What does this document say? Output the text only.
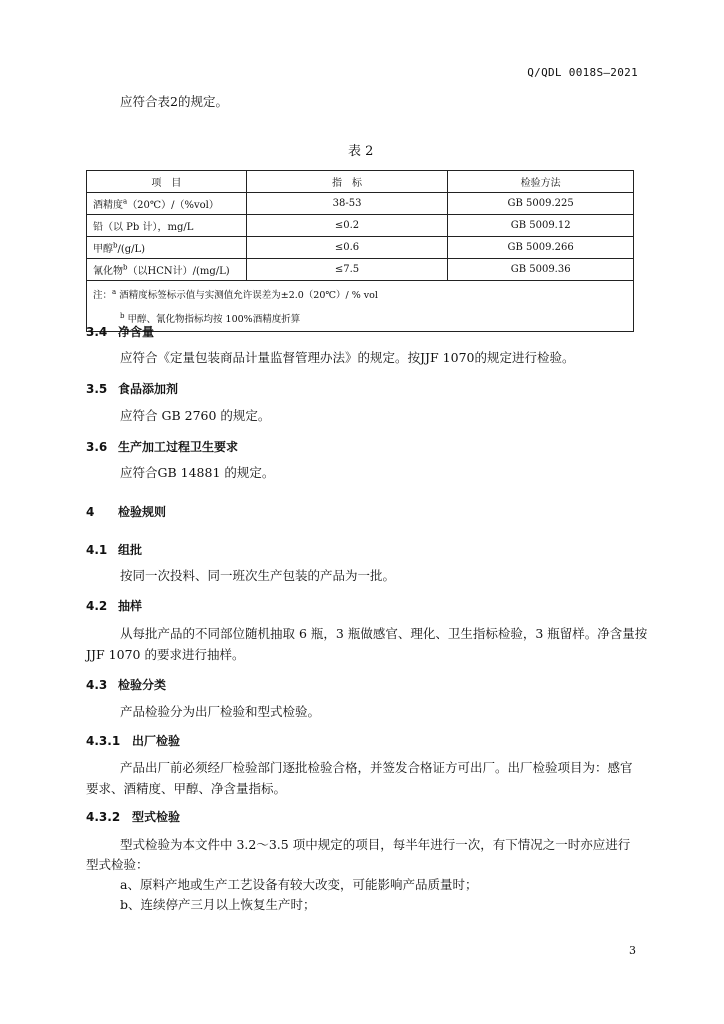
Q/QDL 0018S—2021
应符合表2的规定。
表 2
项　目	指　标	检验方法
酒精度$^a$（20℃）/（%vol）	38-53	GB 5009.225
铅（以 Pb 计），mg/L	≤0.2	GB 5009.12
甲醇$^b$/(g/L)	≤0.6	GB 5009.266
氰化物$^b$（以HCN计）/(mg/L)	≤7.5	GB 5009.36

注：$^a$ 酒精度标签标示值与实测值允许误差为±2.0（20℃）/ % vol
$^b$ 甲醇、氰化物指标均按 100%酒精度折算		
3.4 净含量
应符合《定量包装商品计量监督管理办法》的规定。按JJF 1070的规定进行检验。
3.5 食品添加剂
应符合 GB 2760 的规定。
3.6 生产加工过程卫生要求
应符合GB 14881 的规定。
4 检验规则
4.1 组批
按同一次投料、同一班次生产包装的产品为一批。
4.2 抽样
从每批产品的不同部位随机抽取 6 瓶，3 瓶做感官、理化、卫生指标检验，3 瓶留样。净含量按
JJF 1070 的要求进行抽样。
4.3 检验分类
产品检验分为出厂检验和型式检验。
4.3.1 出厂检验
产品出厂前必须经厂检验部门逐批检验合格，并签发合格证方可出厂。出厂检验项目为：感官
要求、酒精度、甲醇、净含量指标。
4.3.2 型式检验
型式检验为本文件中 3.2～3.5 项中规定的项目，每半年进行一次，有下情况之一时亦应进行
型式检验：
a、原料产地或生产工艺设备有较大改变，可能影响产品质量时；
b、连续停产三月以上恢复生产时；
3
